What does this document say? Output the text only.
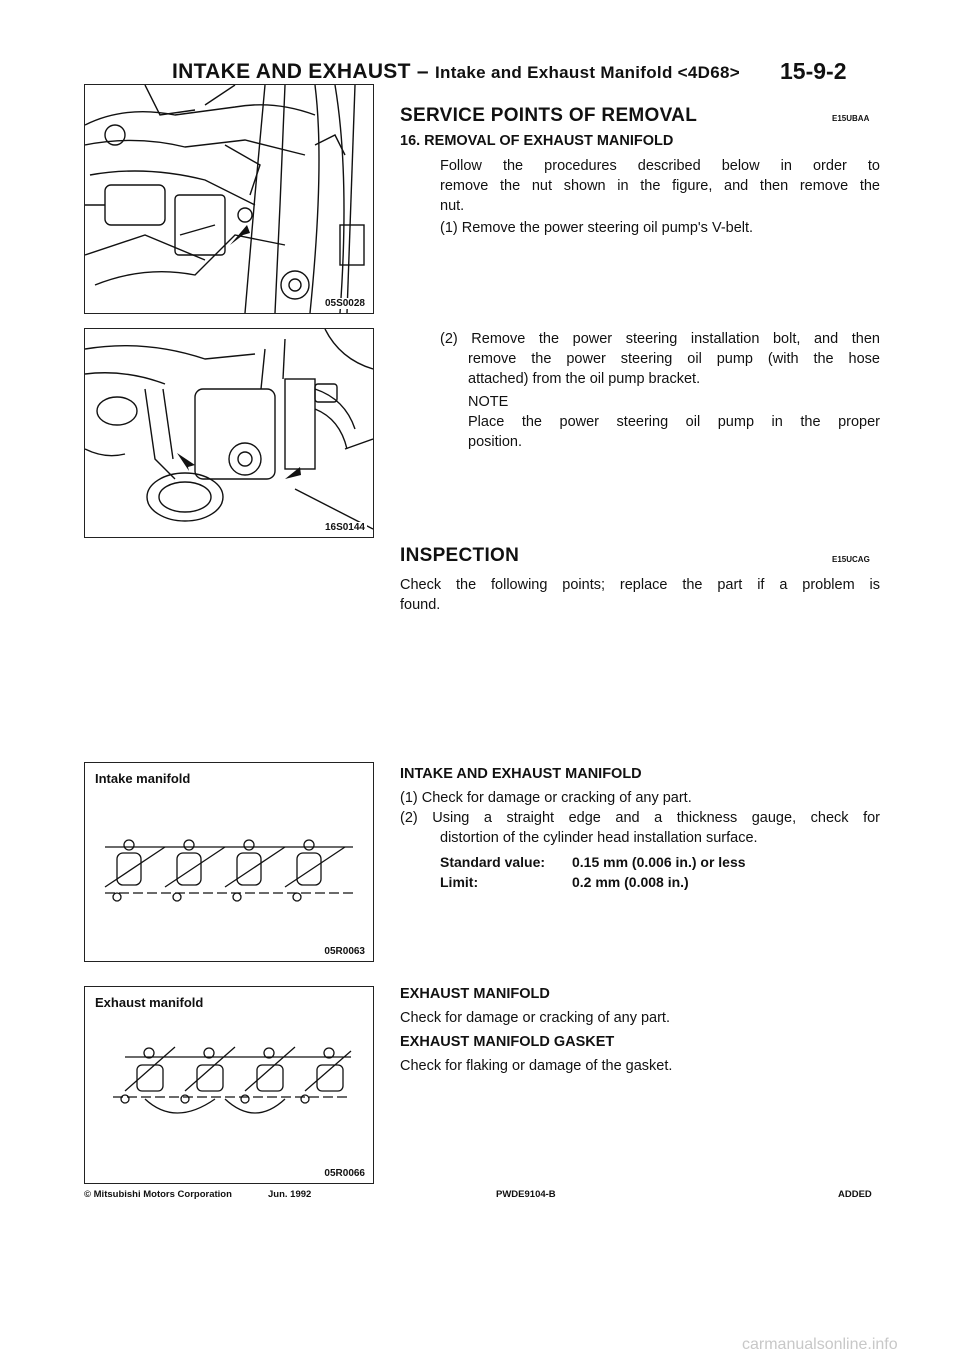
INTAKE AND EXHAUST – Intake and Exhaust Manifold <4D68> 15-9-2
05S0028
16S0144
Intake manifold
05R0063
Exhaust manifold
05R0066
SERVICE POINTS OF REMOVAL	E15UBAA
16. REMOVAL OF EXHAUST MANIFOLD
Follow the procedures described below in order to
remove the nut shown in the figure, and then remove the
nut.
(1) Remove the power steering oil pump's V-belt.
(2) Remove the power steering installation bolt, and then
remove the power steering oil pump (with the hose
attached) from the oil pump bracket.
NOTE
Place the power steering oil pump in the proper
position.
INSPECTION	E15UCAG
Check the following points; replace the part if a problem is
found.
INTAKE AND EXHAUST MANIFOLD
(1) Check for damage or cracking of any part.
(2) Using a straight edge and a thickness gauge, check for
distortion of the cylinder head installation surface.
Standard value: 0.15 mm (0.006 in.) or less
Limit:	0.2 mm (0.008 in.)
EXHAUST MANIFOLD
Check for damage or cracking of any part.
EXHAUST MANIFOLD GASKET
Check for flaking or damage of the gasket.
© Mitsubishi Motors Corporation	Jun. 1992	PWDE9104-B	ADDED
carmanualsonline.info
